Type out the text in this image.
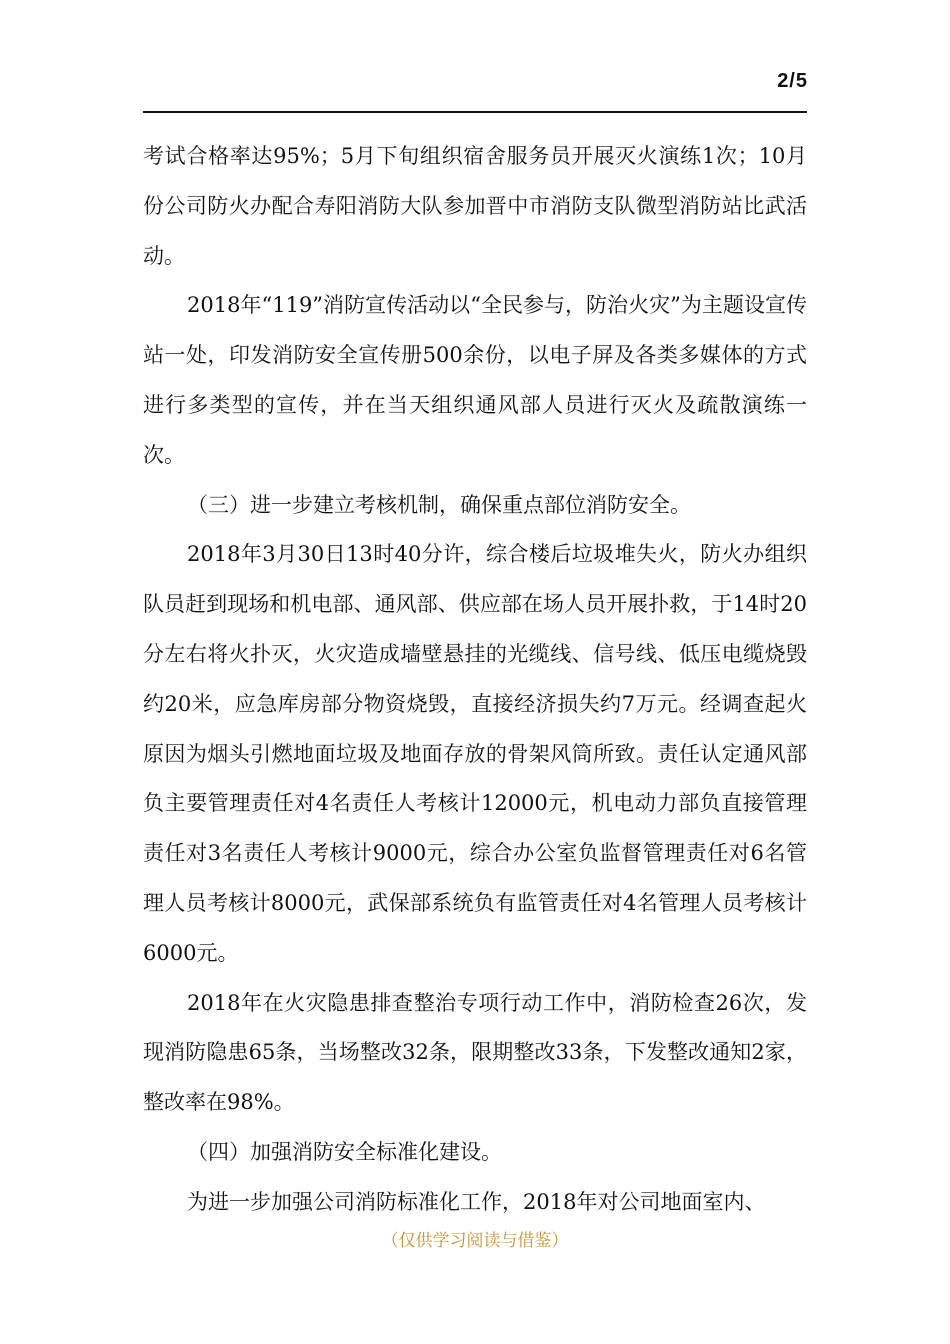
2/5

考试合格率达95%；5月下旬组织宿舍服务员开展灭火演练1次；10月份公司防火办配合寿阳消防大队参加晋中市消防支队微型消防站比武活动。

2018年“119”消防宣传活动以“全民参与，防治火灾”为主题设宣传站一处，印发消防安全宣传册500余份，以电子屏及各类多媒体的方式进行多类型的宣传，并在当天组织通风部人员进行灭火及疏散演练一次。

（三）进一步建立考核机制，确保重点部位消防安全。

2018年3月30日13时40分许，综合楼后垃圾堆失火，防火办组织队员赶到现场和机电部、通风部、供应部在场人员开展扑救，于14时20分左右将火扑灭，火灾造成墙壁悬挂的光缆线、信号线、低压电缆烧毁约20米，应急库房部分物资烧毁，直接经济损失约7万元。经调查起火原因为烟头引燃地面垃圾及地面存放的骨架风筒所致。责任认定通风部负主要管理责任对4名责任人考核计12000元，机电动力部负直接管理责任对3名责任人考核计9000元，综合办公室负监督管理责任对6名管理人员考核计8000元，武保部系统负有监管责任对4名管理人员考核计6000元。

2018年在火灾隐患排查整治专项行动工作中，消防检查26次，发现消防隐患65条，当场整改32条，限期整改33条，下发整改通知2家，整改率在98%。

（四）加强消防安全标准化建设。

为进一步加强公司消防标准化工作，2018年对公司地面室内、

（仅供学习阅读与借鉴）
